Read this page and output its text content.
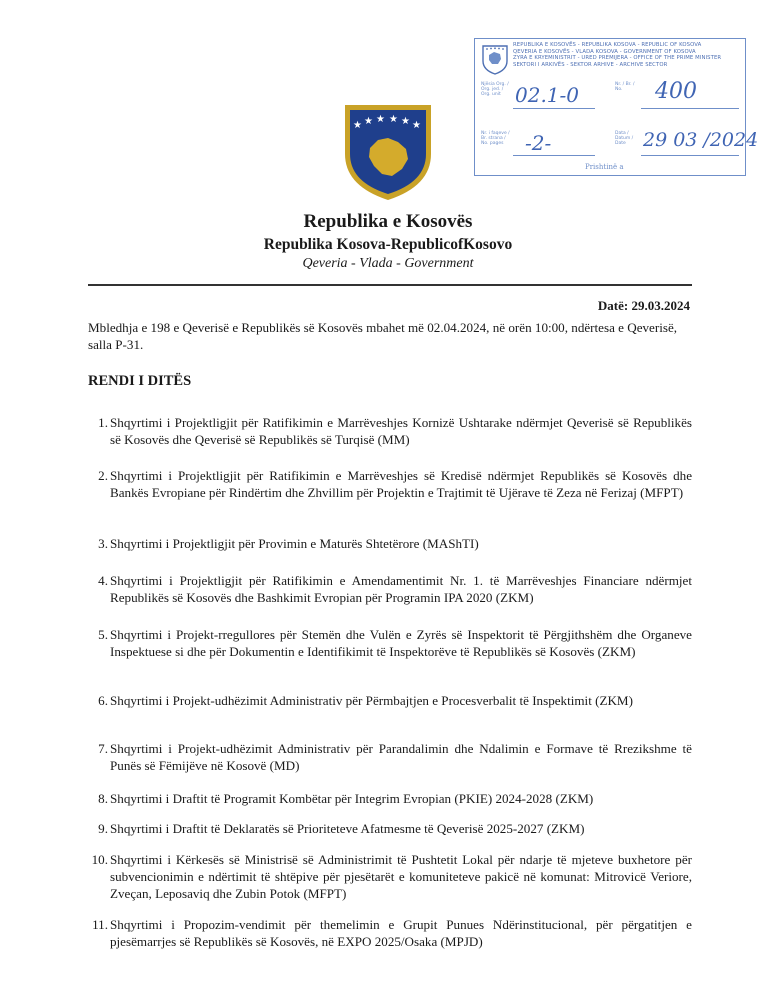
REPUBLIKA E KOSOVËS - REPUBLIKA KOSOVA - REPUBLIC OF KOSOVA
QEVERIA E KOSOVËS - VLADA KOSOVA - GOVERNMENT OF KOSOVA
ZYRA E KRYEMINISTRIT - URED PREMIJERA - OFFICE OF THE PRIME MINISTER
SEKTORI I ARKIVËS - SEKTOR ARHIVE - ARCHIVE SECTOR
Njësia Org. / Org. jed. / Org. unit 02.1-0	Nr. / Br. / No.	400
Nr. i faqeve / Br. strana / No. pages	-2-	Data / Datum / Date 29 03 /2024
Prishtinë a
★ ★ ★ ★ ★ ★
Republika e Kosovës
Republika Kosova-RepublicofKosovo
Qeveria - Vlada - Government
Datë: 29.03.2024
Mbledhja e 198 e Qeverisë e Republikës së Kosovës mbahet më 02.04.2024, në orën 10:00, ndërtesa e Qeverisë, salla P-31.
RENDI I DITËS
1. Shqyrtimi i Projektligjit për Ratifikimin e Marrëveshjes Kornizë Ushtarake ndërmjet Qeverisë së Republikës së Kosovës dhe Qeverisë së Republikës së Turqisë (MM)
2. Shqyrtimi i Projektligjit për Ratifikimin e Marrëveshjes së Kredisë ndërmjet Republikës së Kosovës dhe Bankës Evropiane për Rindërtim dhe Zhvillim për Projektin e Trajtimit të Ujërave të Zeza në Ferizaj (MFPT)
3. Shqyrtimi i Projektligjit për Provimin e Maturës Shtetërore (MAShTI)
4. Shqyrtimi i Projektligjit për Ratifikimin e Amendamentimit Nr. 1. të Marrëveshjes Financiare ndërmjet Republikës së Kosovës dhe Bashkimit Evropian për Programin IPA 2020 (ZKM)
5. Shqyrtimi i Projekt-rregullores për Stemën dhe Vulën e Zyrës së Inspektorit të Përgjithshëm dhe Organeve Inspektuese si dhe për Dokumentin e Identifikimit të Inspektorëve të Republikës së Kosovës (ZKM)
6. Shqyrtimi i Projekt-udhëzimit Administrativ për Përmbajtjen e Procesverbalit të Inspektimit (ZKM)
7. Shqyrtimi i Projekt-udhëzimit Administrativ për Parandalimin dhe Ndalimin e Formave të Rrezikshme të Punës së Fëmijëve në Kosovë (MD)
8. Shqyrtimi i Draftit të Programit Kombëtar për Integrim Evropian (PKIE) 2024-2028 (ZKM)
9. Shqyrtimi i Draftit të Deklaratës së Prioriteteve Afatmesme të Qeverisë 2025-2027 (ZKM)
10. Shqyrtimi i Kërkesës së Ministrisë së Administrimit të Pushtetit Lokal për ndarje të mjeteve buxhetore për subvencionimin e ndërtimit të shtëpive për pjesëtarët e komuniteteve pakicë në komunat: Mitrovicë Veriore, Zveçan, Leposaviq dhe Zubin Potok (MFPT)
11. Shqyrtimi i Propozim-vendimit për themelimin e Grupit Punues Ndërinstitucional, për përgatitjen e pjesëmarrjes së Republikës së Kosovës, në EXPO 2025/Osaka (MPJD)
